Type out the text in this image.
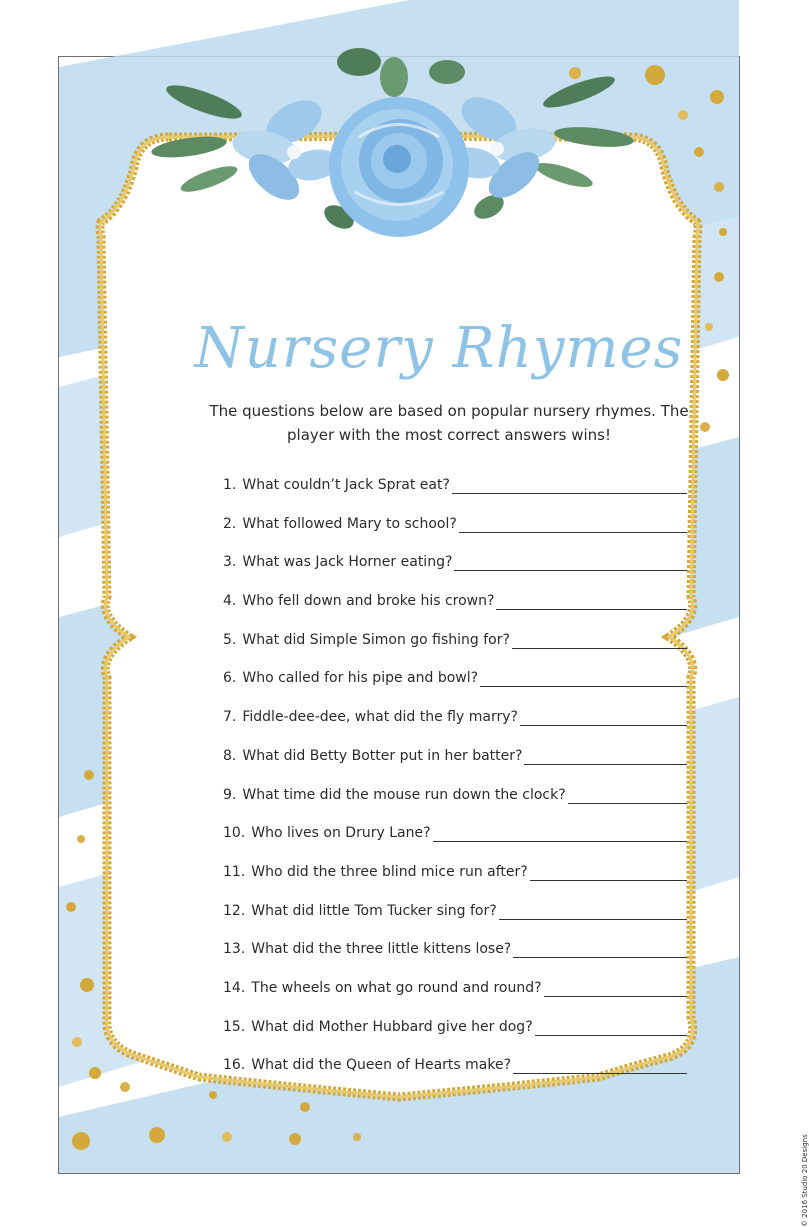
Nursery Rhymes
The questions below are based on popular nursery rhymes. The player with the most correct answers wins!
1. What couldn’t Jack Sprat eat?
2. What followed Mary to school?
3. What was Jack Horner eating?
4. Who fell down and broke his crown?
5. What did Simple Simon go fishing for?
6. Who called for his pipe and bowl?
7. Fiddle-dee-dee, what did the fly marry?
8. What did Betty Botter put in her batter?
9. What time did the mouse run down the clock?
10. Who lives on Drury Lane?
11. Who did the three blind mice run after?
12. What did little Tom Tucker sing for?
13. What did the three little kittens lose?
14. The wheels on what go round and round?
15. What did Mother Hubbard give her dog?
16. What did the Queen of Hearts make?
© 2016 Studio 20 Designs
